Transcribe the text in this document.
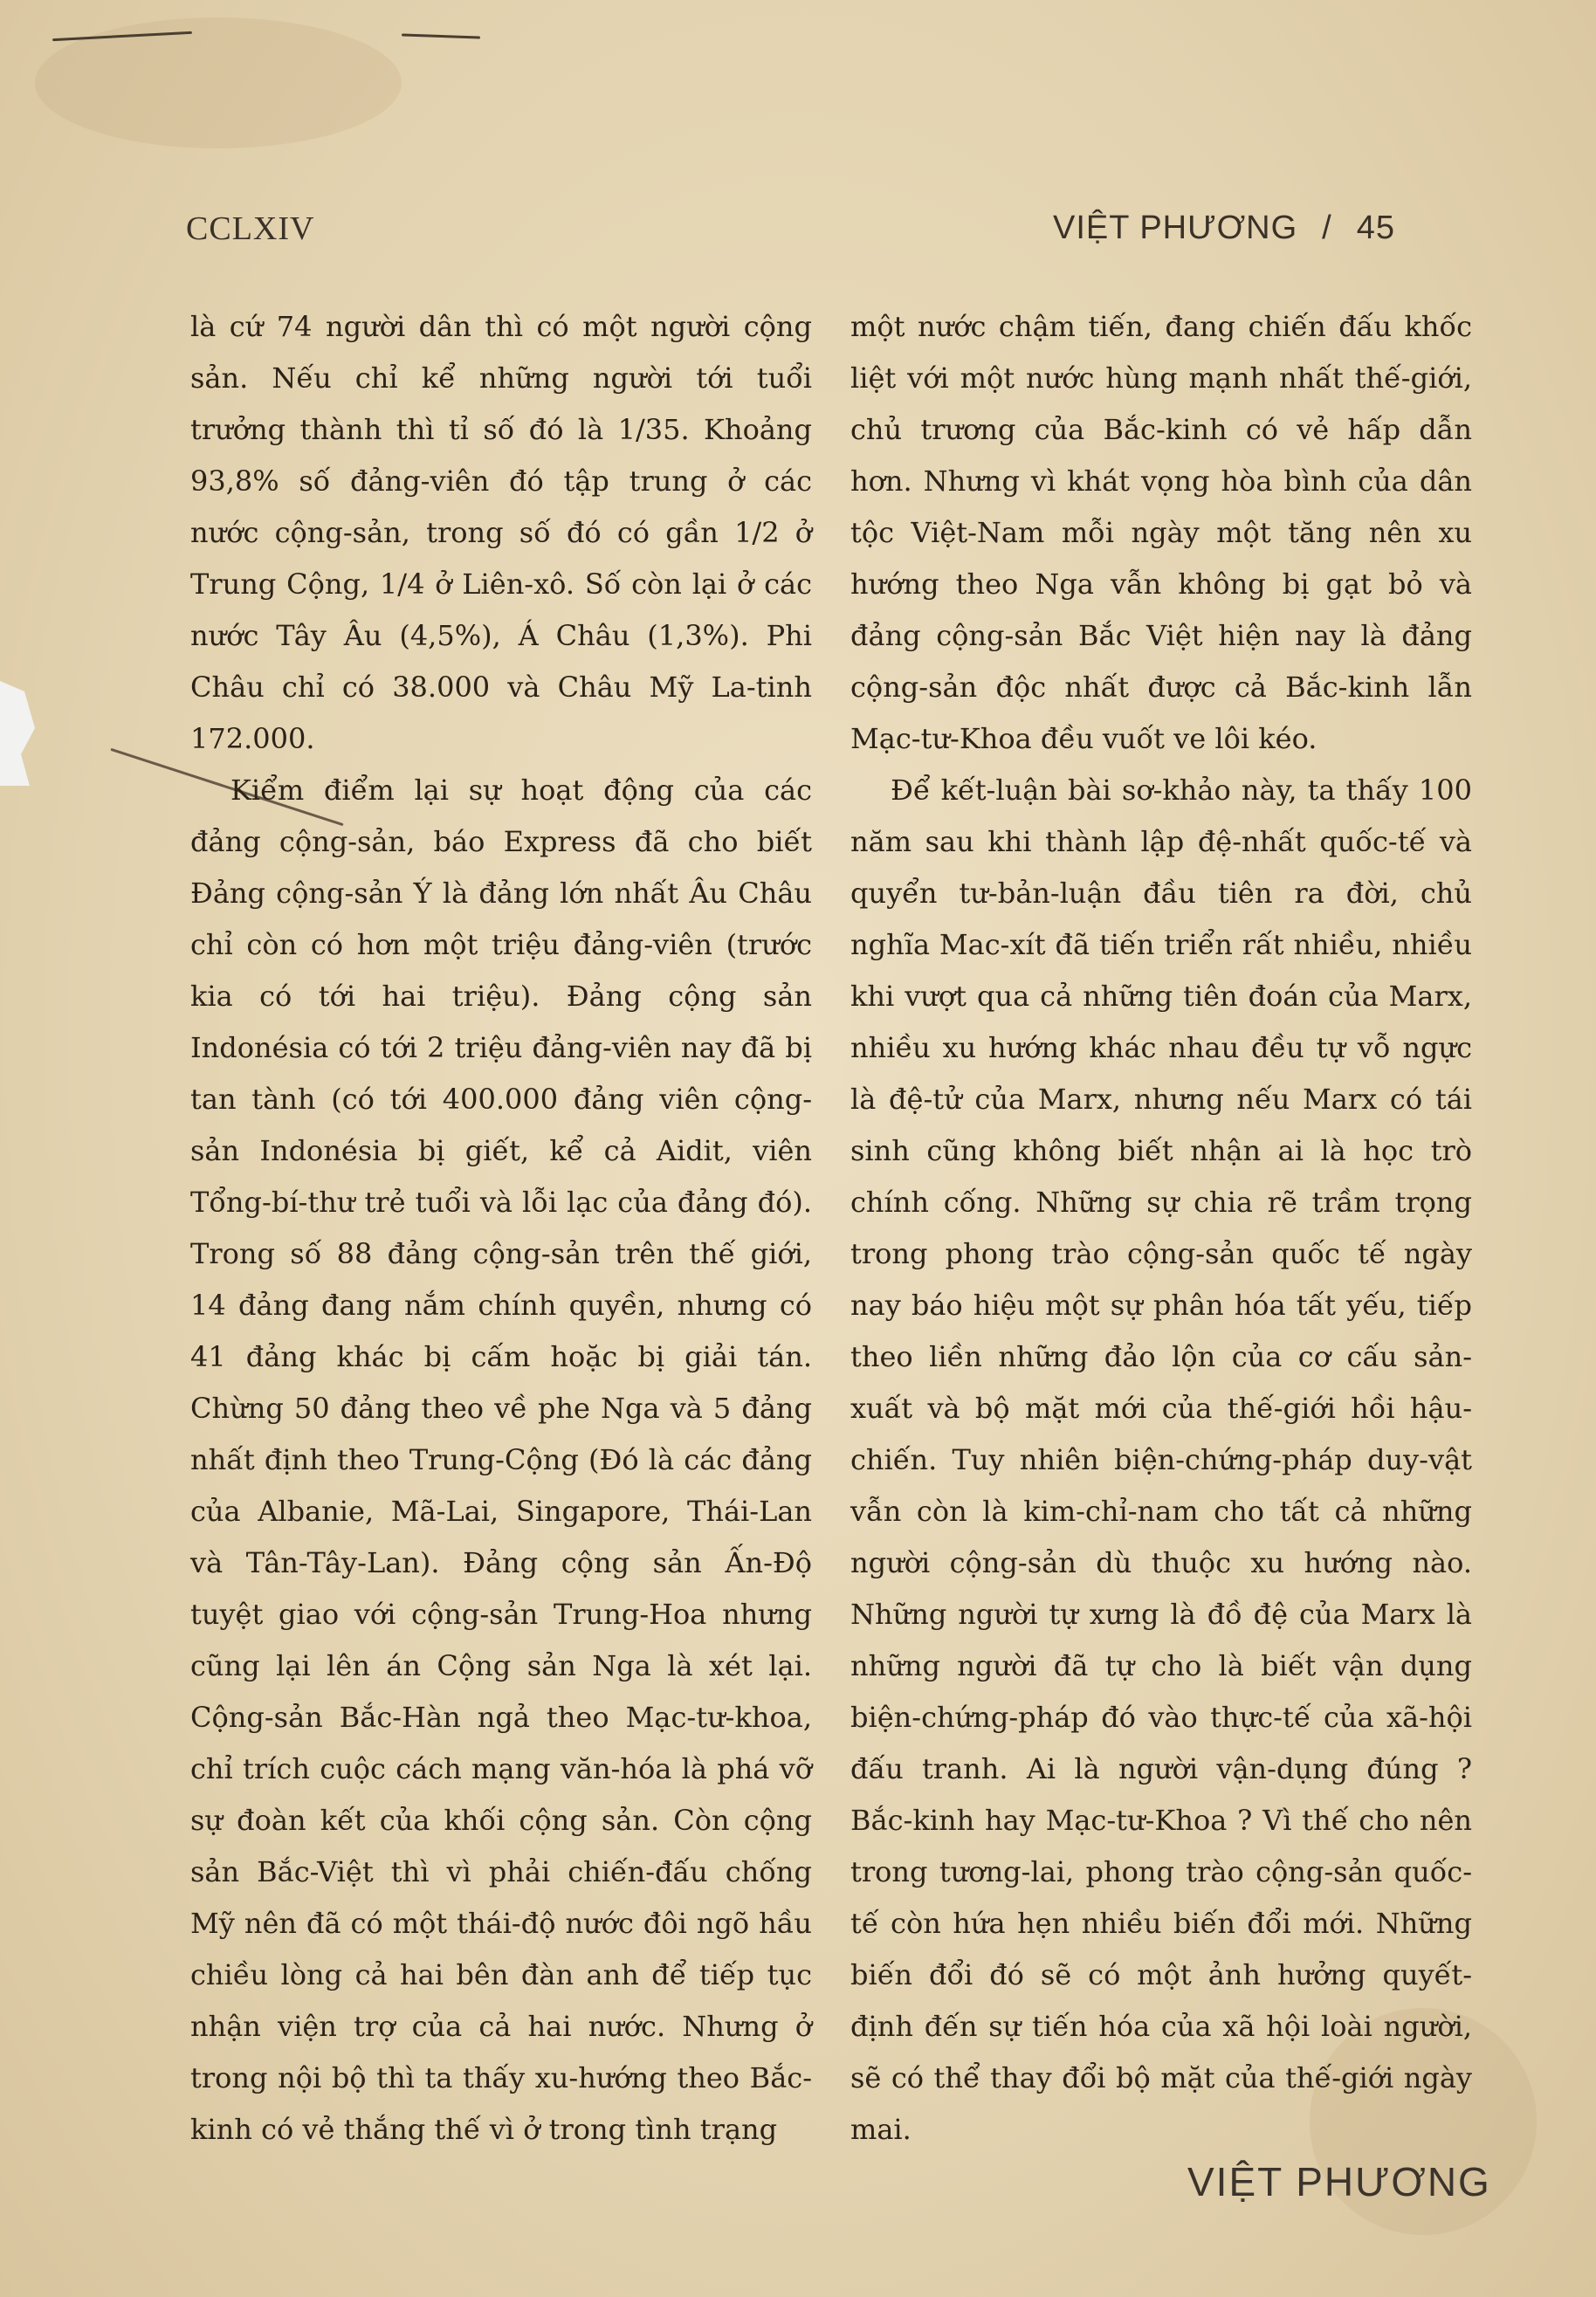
CCLXIV	VIỆT PHƯƠNG / 45

là cứ 74 người dân thì có một người cộng sản. Nếu chỉ kể những người tới tuổi trưởng thành thì tỉ số đó là 1/35. Khoảng 93,8% số đảng-viên đó tập trung ở các nước cộng-sản, trong số đó có gần 1/2 ở Trung Cộng, 1/4 ở Liên-xô. Số còn lại ở các nước Tây Âu (4,5%), Á Châu (1,3%). Phi Châu chỉ có 38.000 và Châu Mỹ La-tinh 172.000.

Kiểm điểm lại sự hoạt động của các đảng cộng-sản, báo Express đã cho biết Đảng cộng-sản Ý là đảng lớn nhất Âu Châu chỉ còn có hơn một triệu đảng-viên (trước kia có tới hai triệu). Đảng cộng sản Indonésia có tới 2 triệu đảng-viên nay đã bị tan tành (có tới 400.000 đảng viên cộng-sản Indonésia bị giết, kể cả Aidit, viên Tổng-bí-thư trẻ tuổi và lỗi lạc của đảng đó). Trong số 88 đảng cộng-sản trên thế giới, 14 đảng đang nắm chính quyền, nhưng có 41 đảng khác bị cấm hoặc bị giải tán. Chừng 50 đảng theo về phe Nga và 5 đảng nhất định theo Trung-Cộng (Đó là các đảng của Albanie, Mã-Lai, Singapore, Thái-Lan và Tân-Tây-Lan). Đảng cộng sản Ấn-Độ tuyệt giao với cộng-sản Trung-Hoa nhưng cũng lại lên án Cộng sản Nga là xét lại. Cộng-sản Bắc-Hàn ngả theo Mạc-tư-khoa, chỉ trích cuộc cách mạng văn-hóa là phá vỡ sự đoàn kết của khối cộng sản. Còn cộng sản Bắc-Việt thì vì phải chiến-đấu chống Mỹ nên đã có một thái-độ nước đôi ngõ hầu chiều lòng cả hai bên đàn anh để tiếp tục nhận viện trợ của cả hai nước. Nhưng ở trong nội bộ thì ta thấy xu-hướng theo Bắc-kinh có vẻ thắng thế vì ở trong tình trạng

một nước chậm tiến, đang chiến đấu khốc liệt với một nước hùng mạnh nhất thế-giới, chủ trương của Bắc-kinh có vẻ hấp dẫn hơn. Nhưng vì khát vọng hòa bình của dân tộc Việt-Nam mỗi ngày một tăng nên xu hướng theo Nga vẫn không bị gạt bỏ và đảng cộng-sản Bắc Việt hiện nay là đảng cộng-sản độc nhất được cả Bắc-kinh lẫn Mạc-tư-Khoa đều vuốt ve lôi kéo.

Để kết-luận bài sơ-khảo này, ta thấy 100 năm sau khi thành lập đệ-nhất quốc-tế và quyển tư-bản-luận đầu tiên ra đời, chủ nghĩa Mac-xít đã tiến triển rất nhiều, nhiều khi vượt qua cả những tiên đoán của Marx, nhiều xu hướng khác nhau đều tự vỗ ngực là đệ-tử của Marx, nhưng nếu Marx có tái sinh cũng không biết nhận ai là học trò chính cống. Những sự chia rẽ trầm trọng trong phong trào cộng-sản quốc tế ngày nay báo hiệu một sự phân hóa tất yếu, tiếp theo liền những đảo lộn của cơ cấu sản-xuất và bộ mặt mới của thế-giới hồi hậu-chiến. Tuy nhiên biện-chứng-pháp duy-vật vẫn còn là kim-chỉ-nam cho tất cả những người cộng-sản dù thuộc xu hướng nào. Những người tự xưng là đồ đệ của Marx là những người đã tự cho là biết vận dụng biện-chứng-pháp đó vào thực-tế của xã-hội đấu tranh. Ai là người vận-dụng đúng ? Bắc-kinh hay Mạc-tư-Khoa ? Vì thế cho nên trong tương-lai, phong trào cộng-sản quốc-tế còn hứa hẹn nhiều biến đổi mới. Những biến đổi đó sẽ có một ảnh hưởng quyết-định đến sự tiến hóa của xã hội loài người, sẽ có thể thay đổi bộ mặt của thế-giới ngày mai.

VIỆT PHƯƠNG
